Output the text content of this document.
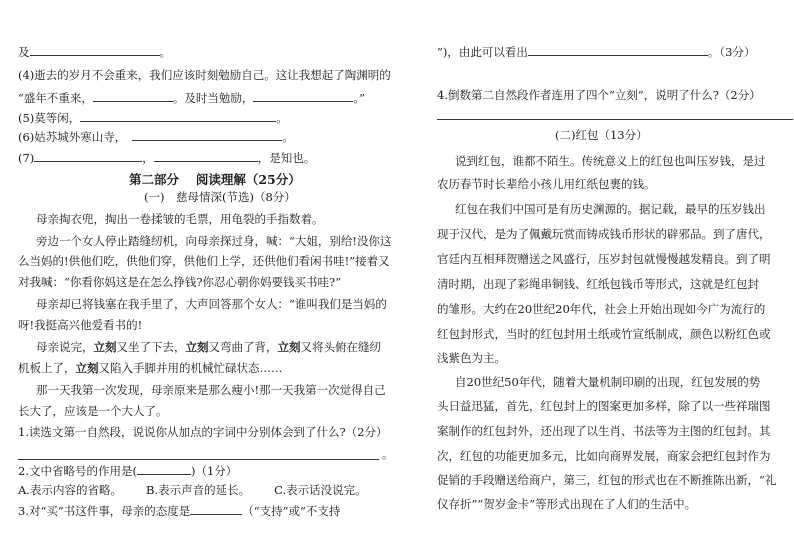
及	。
(4)逝去的岁月不会重来，我们应该时刻勉励自己。这让我想起了陶渊明的
“盛年不重来，	。及时当勉励，	。”
(5)莫等闲，	。
(6)姑苏城外寒山寺，	。
(7)	，	，是知也。
第二部分　 阅读理解（25分）
(一)　慈母情深(节选)（8分）
母亲掏衣兜，掏出一卷揉皱的毛票，用龟裂的手指数着。
旁边一个女人停止踏缝纫机，向母亲探过身，喊：“大姐，别给!没你这
么当妈的!供他们吃，供他们穿，供他们上学，还供他们看闲书哇!”接着又
对我喊：“你看你妈这是在怎么挣钱?你忍心朝你妈要钱买书哇?”
母亲却已将钱塞在我手里了，大声回答那个女人：“谁叫我们是当妈的
呀!我挺高兴他爱看书的!
母亲说完，立刻又坐了下去，立刻又弯曲了背，立刻又将头俯在缝纫
机板上了，立刻又陷入手脚并用的机械忙碌状态……
那一天我第一次发现，母亲原来是那么瘦小!那一天我第一次觉得自己
长大了，应该是一个大人了。
1.读选文第一自然段，说说你从加点的字词中分别体会到了什么?（2分）
。
2.文中省略号的作用是(	)（1分）
A.表示内容的省略。 B.表示声音的延长。 C.表示话没说完。
3.对“买”书这件事，母亲的态度是	（“支持”或“不支持
”)，由此可以看出	。（3分）
4.倒数第二自然段作者连用了四个“立刻”，说明了什么?（2分）
(二)红包（13分）
说到红包，谁都不陌生。传统意义上的红包也叫压岁钱，是过
农历春节时长辈给小孩儿用红纸包裹的钱。
红包在我们中国可是有历史渊源的。据记载，最早的压岁钱出
现于汉代，是为了佩戴玩赏而铸成钱币形状的辟邪品。到了唐代，
官廷内互相拜贺赠送之风盛行，压岁封包就慢慢越发精良。到了明
清时期，出现了彩绳串铜钱、红纸包钱币等形式，这就是红包封
的雏形。大约在20世纪20年代，社会上开始出现如今广为流行的
红包封形式，当时的红包封用土纸或竹宣纸制成，颜色以粉红色或
浅紫色为主。
自20世纪50年代，随着大量机制印刷的出现，红包发展的势
头日益迅猛，首先，红包封上的图案更加多样，除了以一些祥瑞图
案制作的红包封外，还出现了以生肖、书法等为主图的红包封。其
次，红包的功能更加多元，比如向商界发展，商家会把红包封作为
促销的手段赠送给商户，第三，红包的形式也在不断推陈出新，“礼
仪存折”“贺岁金卡”等形式出现在了人们的生活中。
